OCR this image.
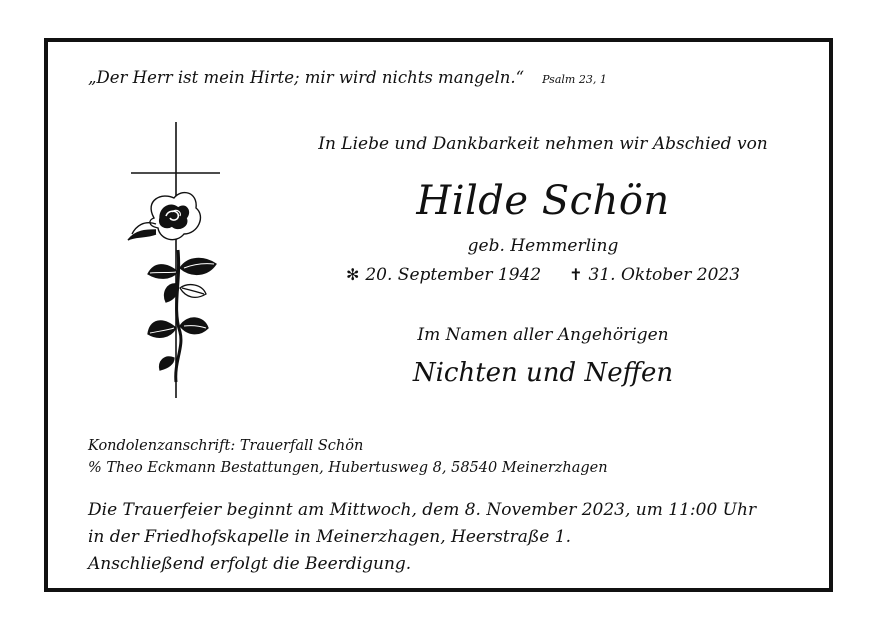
„Der Herr ist mein Hirte; mir wird nichts mangeln.“ Psalm 23, 1
In Liebe und Dankbarkeit nehmen wir Abschied von
Hilde Schön
geb. Hemmerling
✻ 20. September 1942 ✝ 31. Oktober 2023
Im Namen aller Angehörigen
Nichten und Neffen
Kondolenzanschrift: Trauerfall Schön
% Theo Eckmann Bestattungen, Hubertusweg 8, 58540 Meinerzhagen
Die Trauerfeier beginnt am Mittwoch, dem 8. November 2023, um 11:00 Uhr
in der Friedhofskapelle in Meinerzhagen, Heerstraße 1.
Anschließend erfolgt die Beerdigung.
